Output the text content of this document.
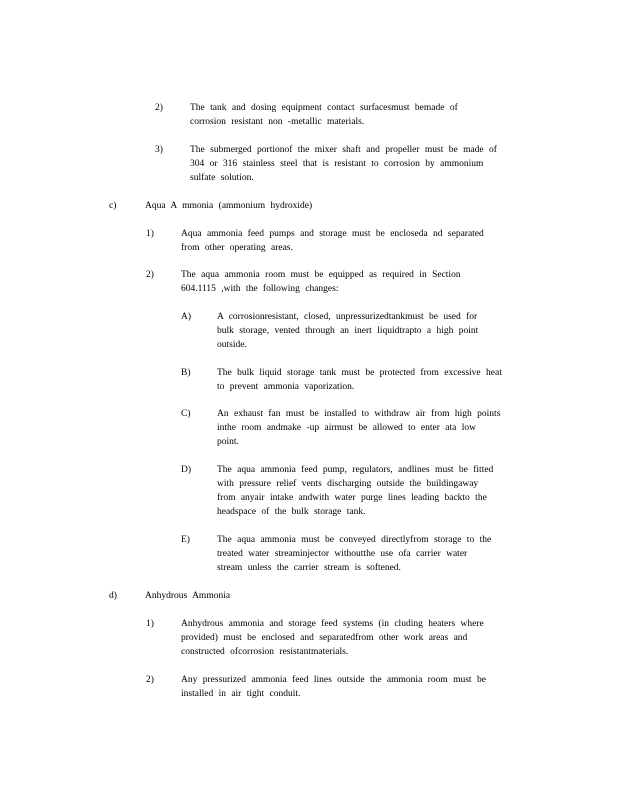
2)	The tank and dosing equipment contact surfacesmust bemade of
corrosion resistant non -metallic materials.
3)	The submerged portionof the mixer shaft and propeller must be made of
304 or 316 stainless steel that is resistant to corrosion by ammonium
sulfate solution.
c)	Aqua A mmonia (ammonium hydroxide)
1)	Aqua ammonia feed pumps and storage must be encloseda nd separated
from other operating areas.
2)	The aqua ammonia room must be equipped as required in Section
604.1115 ,with the following changes:
A)	A corrosionresistant, closed, unpressurizedtankmust be used for
bulk storage, vented through an inert liquidtrapto a high point
outside.
B)	The bulk liquid storage tank must be protected from excessive heat
to prevent ammonia vaporization.
C)	An exhaust fan must be installed to withdraw air from high points
inthe room andmake -up airmust be allowed to enter ata low
point.
D)	The aqua ammonia feed pump, regulators, andlines must be fitted
with pressure relief vents discharging outside the buildingaway
from anyair intake andwith water purge lines leading backto the
headspace of the bulk storage tank.
E)	The aqua ammonia must be conveyed directlyfrom storage to the
treated water streaminjector withoutthe use ofa carrier water
stream unless the carrier stream is softened.
d)	Anhydrous Ammonia
1)	Anhydrous ammonia and storage feed systems (in cluding heaters where
provided) must be enclosed and separatedfrom other work areas and
constructed ofcorrosion resistantmaterials.
2)	Any pressurized ammonia feed lines outside the ammonia room must be
installed in air tight conduit.
